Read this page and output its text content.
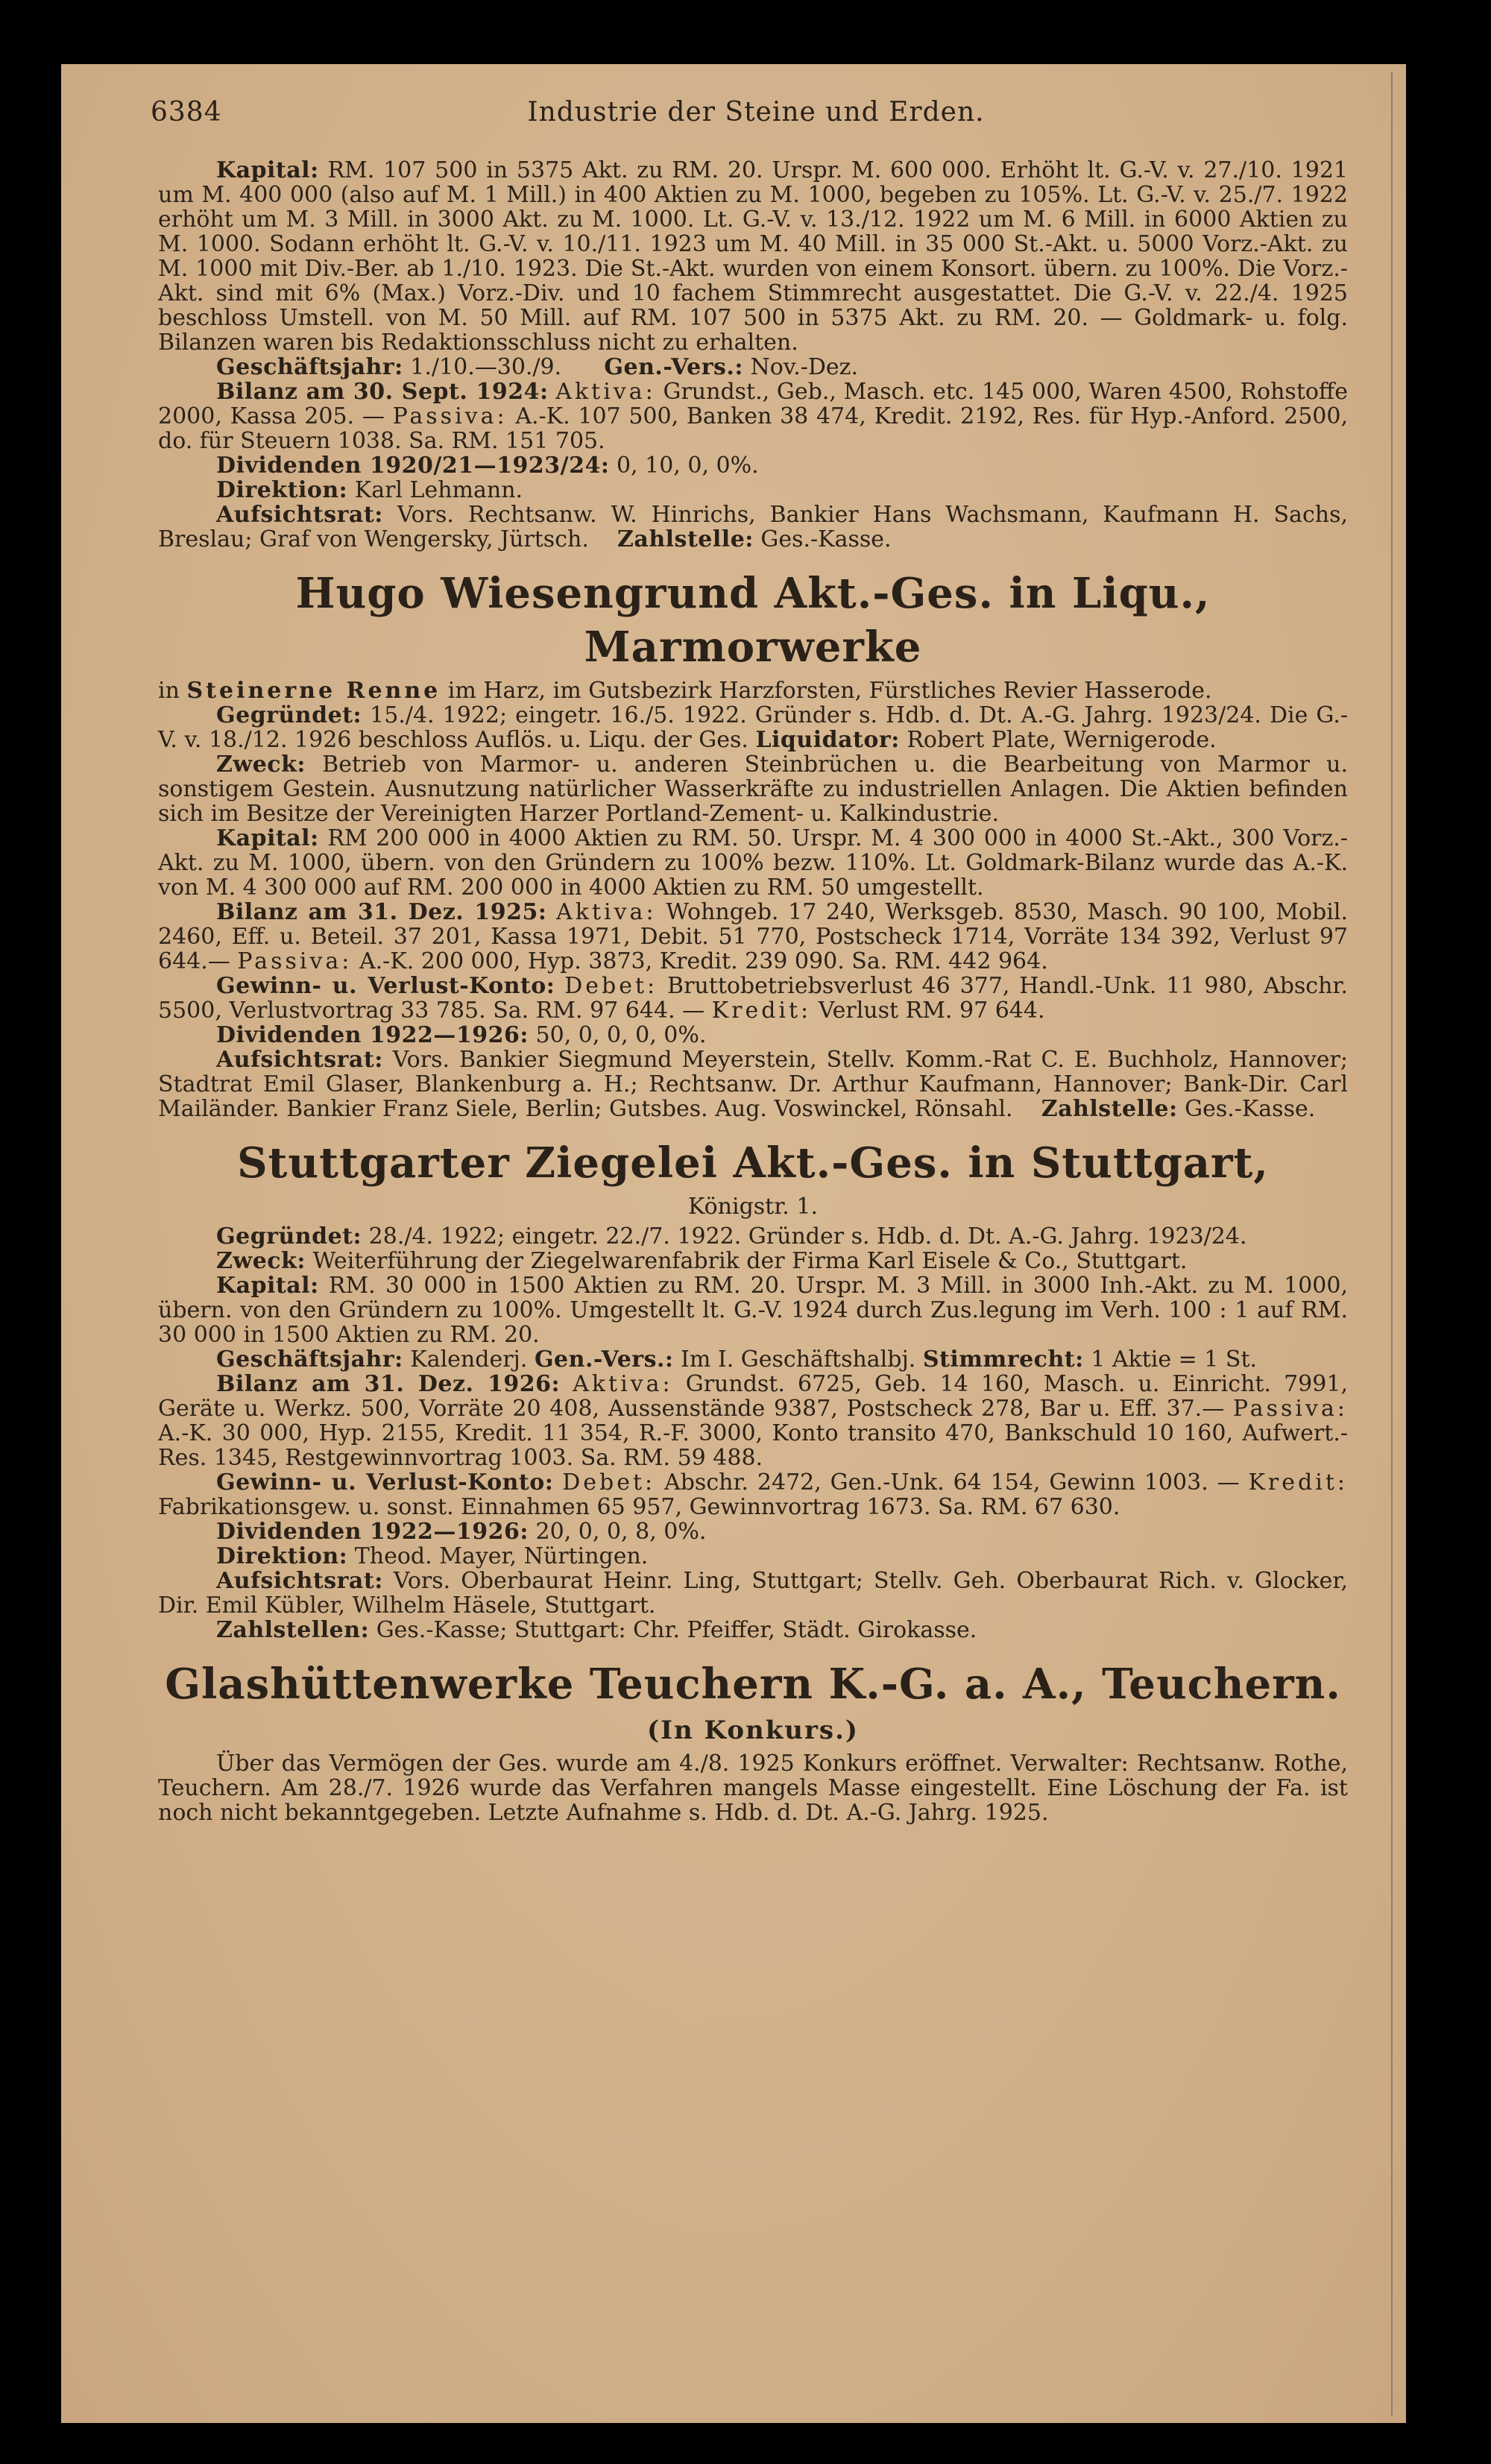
6384	Industrie der Steine und Erden.

Kapital: RM. 107 500 in 5375 Akt. zu RM. 20. Urspr. M. 600 000. Erhöht lt. G.-V. v. 27./10. 1921 um M. 400 000 (also auf M. 1 Mill.) in 400 Aktien zu M. 1000, begeben zu 105%. Lt. G.-V. v. 25./7. 1922 erhöht um M. 3 Mill. in 3000 Akt. zu M. 1000. Lt. G.-V. v. 13./12. 1922 um M. 6 Mill. in 6000 Aktien zu M. 1000. Sodann erhöht lt. G.-V. v. 10./11. 1923 um M. 40 Mill. in 35 000 St.-Akt. u. 5000 Vorz.-Akt. zu M. 1000 mit Div.-Ber. ab 1./10. 1923. Die St.-Akt. wurden von einem Konsort. übern. zu 100%. Die Vorz.-Akt. sind mit 6% (Max.) Vorz.-Div. und 10 fachem Stimmrecht ausgestattet. Die G.-V. v. 22./4. 1925 beschloss Umstell. von M. 50 Mill. auf RM. 107 500 in 5375 Akt. zu RM. 20. — Goldmark- u. folg. Bilanzen waren bis Redaktionsschluss nicht zu erhalten.

Geschäftsjahr: 1./10.—30./9. Gen.-Vers.: Nov.-Dez.

Bilanz am 30. Sept. 1924: Aktiva: Grundst., Geb., Masch. etc. 145 000, Waren 4500, Rohstoffe 2000, Kassa 205. — Passiva: A.-K. 107 500, Banken 38 474, Kredit. 2192, Res. für Hyp.-Anford. 2500, do. für Steuern 1038. Sa. RM. 151 705.

Dividenden 1920/21—1923/24: 0, 10, 0, 0%.

Direktion: Karl Lehmann.

Aufsichtsrat: Vors. Rechtsanw. W. Hinrichs, Bankier Hans Wachsmann, Kaufmann H. Sachs, Breslau; Graf von Wengersky, Jürtsch. Zahlstelle: Ges.-Kasse.

Hugo Wiesengrund Akt.-Ges. in Liqu., Marmorwerke

in Steinerne Renne im Harz, im Gutsbezirk Harzforsten, Fürstliches Revier Hasserode.

Gegründet: 15./4. 1922; eingetr. 16./5. 1922. Gründer s. Hdb. d. Dt. A.-G. Jahrg. 1923/24. Die G.-V. v. 18./12. 1926 beschloss Auflös. u. Liqu. der Ges. Liquidator: Robert Plate, Wernigerode.

Zweck: Betrieb von Marmor- u. anderen Steinbrüchen u. die Bearbeitung von Marmor u. sonstigem Gestein. Ausnutzung natürlicher Wasserkräfte zu industriellen Anlagen. Die Aktien befinden sich im Besitze der Vereinigten Harzer Portland-Zement- u. Kalkindustrie.

Kapital: RM 200 000 in 4000 Aktien zu RM. 50. Urspr. M. 4 300 000 in 4000 St.-Akt., 300 Vorz.-Akt. zu M. 1000, übern. von den Gründern zu 100% bezw. 110%. Lt. Goldmark-Bilanz wurde das A.-K. von M. 4 300 000 auf RM. 200 000 in 4000 Aktien zu RM. 50 umgestellt.

Bilanz am 31. Dez. 1925: Aktiva: Wohngeb. 17 240, Werksgeb. 8530, Masch. 90 100, Mobil. 2460, Eff. u. Beteil. 37 201, Kassa 1971, Debit. 51 770, Postscheck 1714, Vorräte 134 392, Verlust 97 644.— Passiva: A.-K. 200 000, Hyp. 3873, Kredit. 239 090. Sa. RM. 442 964.

Gewinn- u. Verlust-Konto: Debet: Bruttobetriebsverlust 46 377, Handl.-Unk. 11 980, Abschr. 5500, Verlustvortrag 33 785. Sa. RM. 97 644. — Kredit: Verlust RM. 97 644.

Dividenden 1922—1926: 50, 0, 0, 0, 0%.

Aufsichtsrat: Vors. Bankier Siegmund Meyerstein, Stellv. Komm.-Rat C. E. Buchholz, Hannover; Stadtrat Emil Glaser, Blankenburg a. H.; Rechtsanw. Dr. Arthur Kaufmann, Hannover; Bank-Dir. Carl Mailänder. Bankier Franz Siele, Berlin; Gutsbes. Aug. Voswinckel, Rönsahl. Zahlstelle: Ges.-Kasse.

Stuttgarter Ziegelei Akt.-Ges. in Stuttgart,
Königstr. 1.

Gegründet: 28./4. 1922; eingetr. 22./7. 1922. Gründer s. Hdb. d. Dt. A.-G. Jahrg. 1923/24.

Zweck: Weiterführung der Ziegelwarenfabrik der Firma Karl Eisele & Co., Stuttgart.

Kapital: RM. 30 000 in 1500 Aktien zu RM. 20. Urspr. M. 3 Mill. in 3000 Inh.-Akt. zu M. 1000, übern. von den Gründern zu 100%. Umgestellt lt. G.-V. 1924 durch Zus.legung im Verh. 100 : 1 auf RM. 30 000 in 1500 Aktien zu RM. 20.

Geschäftsjahr: Kalenderj. Gen.-Vers.: Im I. Geschäftshalbj. Stimmrecht: 1 Aktie = 1 St.

Bilanz am 31. Dez. 1926: Aktiva: Grundst. 6725, Geb. 14 160, Masch. u. Einricht. 7991, Geräte u. Werkz. 500, Vorräte 20 408, Aussenstände 9387, Postscheck 278, Bar u. Eff. 37.— Passiva: A.-K. 30 000, Hyp. 2155, Kredit. 11 354, R.-F. 3000, Konto transito 470, Bankschuld 10 160, Aufwert.-Res. 1345, Restgewinnvortrag 1003. Sa. RM. 59 488.

Gewinn- u. Verlust-Konto: Debet: Abschr. 2472, Gen.-Unk. 64 154, Gewinn 1003. — Kredit: Fabrikationsgew. u. sonst. Einnahmen 65 957, Gewinnvortrag 1673. Sa. RM. 67 630.

Dividenden 1922—1926: 20, 0, 0, 8, 0%.

Direktion: Theod. Mayer, Nürtingen.

Aufsichtsrat: Vors. Oberbaurat Heinr. Ling, Stuttgart; Stellv. Geh. Oberbaurat Rich. v. Glocker, Dir. Emil Kübler, Wilhelm Häsele, Stuttgart.

Zahlstellen: Ges.-Kasse; Stuttgart: Chr. Pfeiffer, Städt. Girokasse.

Glashüttenwerke Teuchern K.-G. a. A., Teuchern.
(In Konkurs.)

Über das Vermögen der Ges. wurde am 4./8. 1925 Konkurs eröffnet. Verwalter: Rechtsanw. Rothe, Teuchern. Am 28./7. 1926 wurde das Verfahren mangels Masse eingestellt. Eine Löschung der Fa. ist noch nicht bekanntgegeben. Letzte Aufnahme s. Hdb. d. Dt. A.-G. Jahrg. 1925.
